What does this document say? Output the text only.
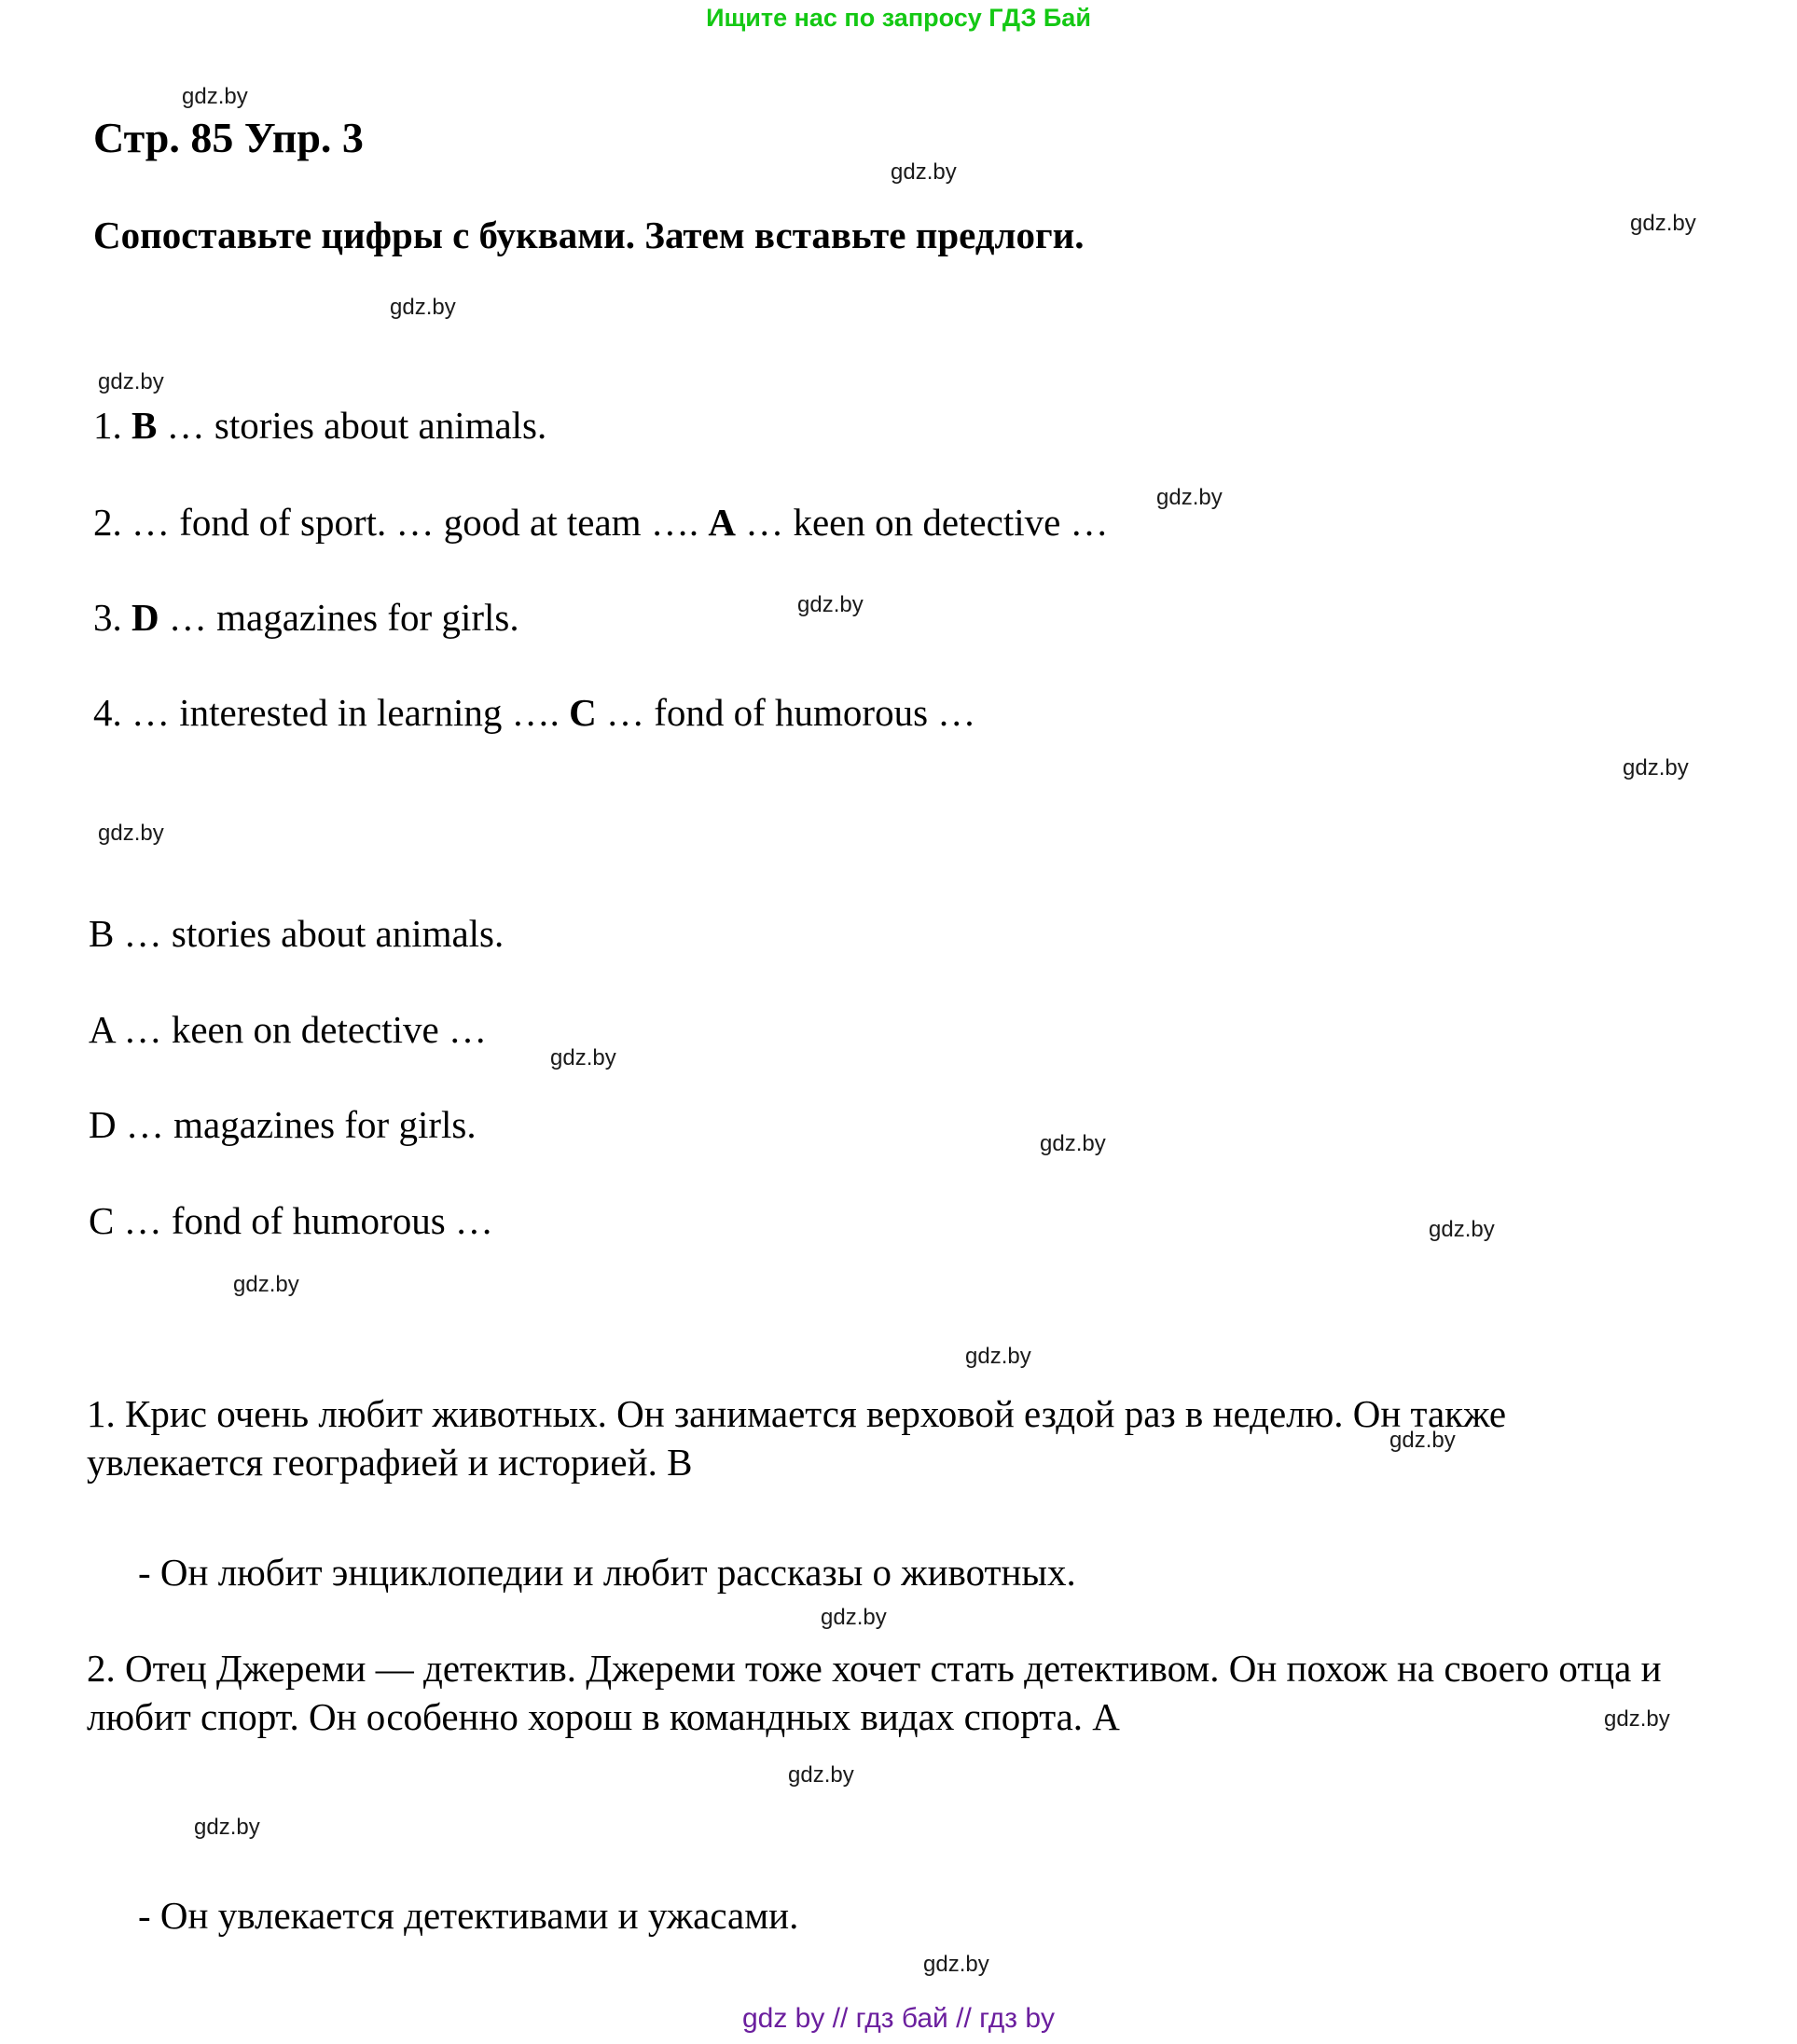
Ищите нас по запросу ГДЗ Бай
gdz.by
gdz.by
gdz.by
gdz.by
gdz.by
gdz.by
gdz.by
gdz.by
gdz.by
gdz.by
gdz.by
gdz.by
gdz.by
gdz.by
gdz.by
gdz.by
gdz.by
gdz.by
gdz.by
gdz.by
Стр. 85 Упр. 3
Сопоставьте цифры с буквами. Затем вставьте предлоги.
1. B … stories about animals.
2. … fond of sport. … good at team …. A … keen on detective …
3. D … magazines for girls.
4. … interested in learning …. C … fond of humorous …
B … stories about animals.
A … keen on detective …
D … magazines for girls.
C … fond of humorous …
1. Крис очень любит животных. Он занимается верховой ездой раз в неделю. Он также увлекается географией и историей. В
- Он любит энциклопедии и любит рассказы о животных.
2. Отец Джереми — детектив. Джереми тоже хочет стать детективом. Он похож на своего отца и любит спорт. Он особенно хорош в командных видах спорта. A
- Он увлекается детективами и ужасами.
gdz by // гдз бай // гдз by
